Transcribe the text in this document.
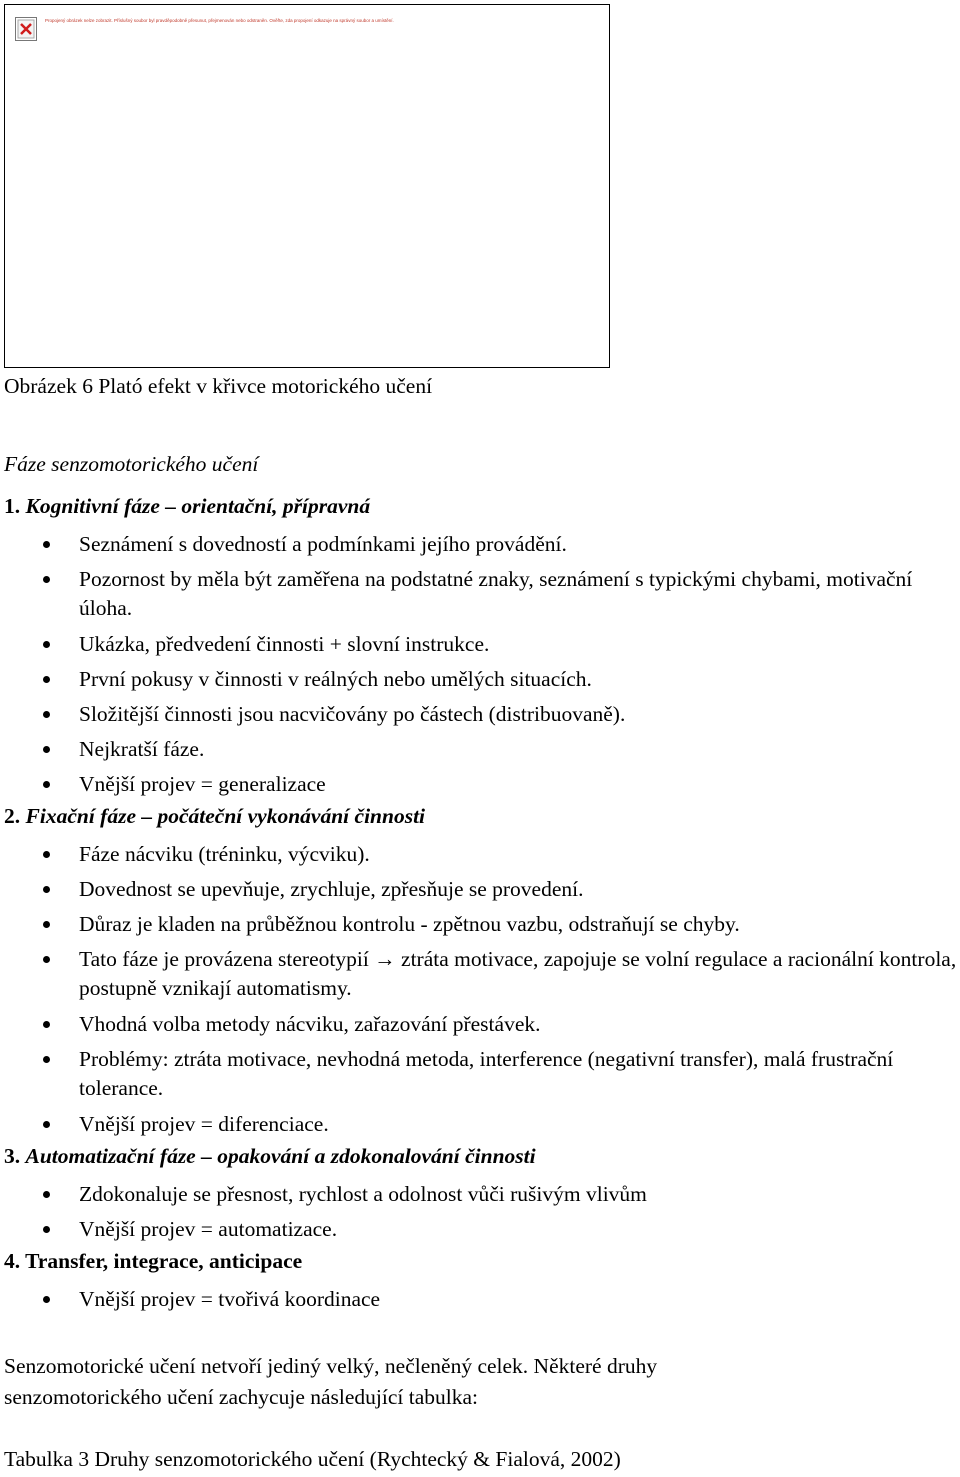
Propojený obrázek nelze zobrazit. Příslušný soubor byl pravděpodobně přesunut, přejmenován nebo odstraněn. Ověřte, zda propojení odkazuje na správný soubor a umístění.
Obrázek 6 Plató efekt v křivce motorického učení
Fáze senzomotorického učení
1. Kognitivní fáze – orientační, přípravná
Seznámení s dovedností a podmínkami jejího provádění.
Pozornost by měla být zaměřena na podstatné znaky, seznámení s typickými chybami, motivační úloha.
Ukázka, předvedení činnosti + slovní instrukce.
První pokusy v činnosti v reálných nebo umělých situacích.
Složitější činnosti jsou nacvičovány po částech (distribuovaně).
Nejkratší fáze.
Vnější projev = generalizace
2. Fixační fáze – počáteční vykonávání činnosti
Fáze nácviku (tréninku, výcviku).
Dovednost se upevňuje, zrychluje, zpřesňuje se provedení.
Důraz je kladen na průběžnou kontrolu - zpětnou vazbu, odstraňují se chyby.
Tato fáze je provázena stereotypií → ztráta motivace, zapojuje se volní regulace a racionální kontrola, postupně vznikají automatismy.
Vhodná volba metody nácviku, zařazování přestávek.
Problémy: ztráta motivace, nevhodná metoda, interference (negativní transfer), malá frustrační tolerance.
Vnější projev = diferenciace.
3. Automatizační fáze – opakování a zdokonalování činnosti
Zdokonaluje se přesnost, rychlost a odolnost vůči rušivým vlivům
Vnější projev = automatizace.
4. Transfer, integrace, anticipace
Vnější projev = tvořivá koordinace
Senzomotorické učení netvoří jediný velký, nečleněný celek. Některé druhy senzomotorického učení zachycuje následující tabulka:
Tabulka 3 Druhy senzomotorického učení (Rychtecký & Fialová, 2002)
